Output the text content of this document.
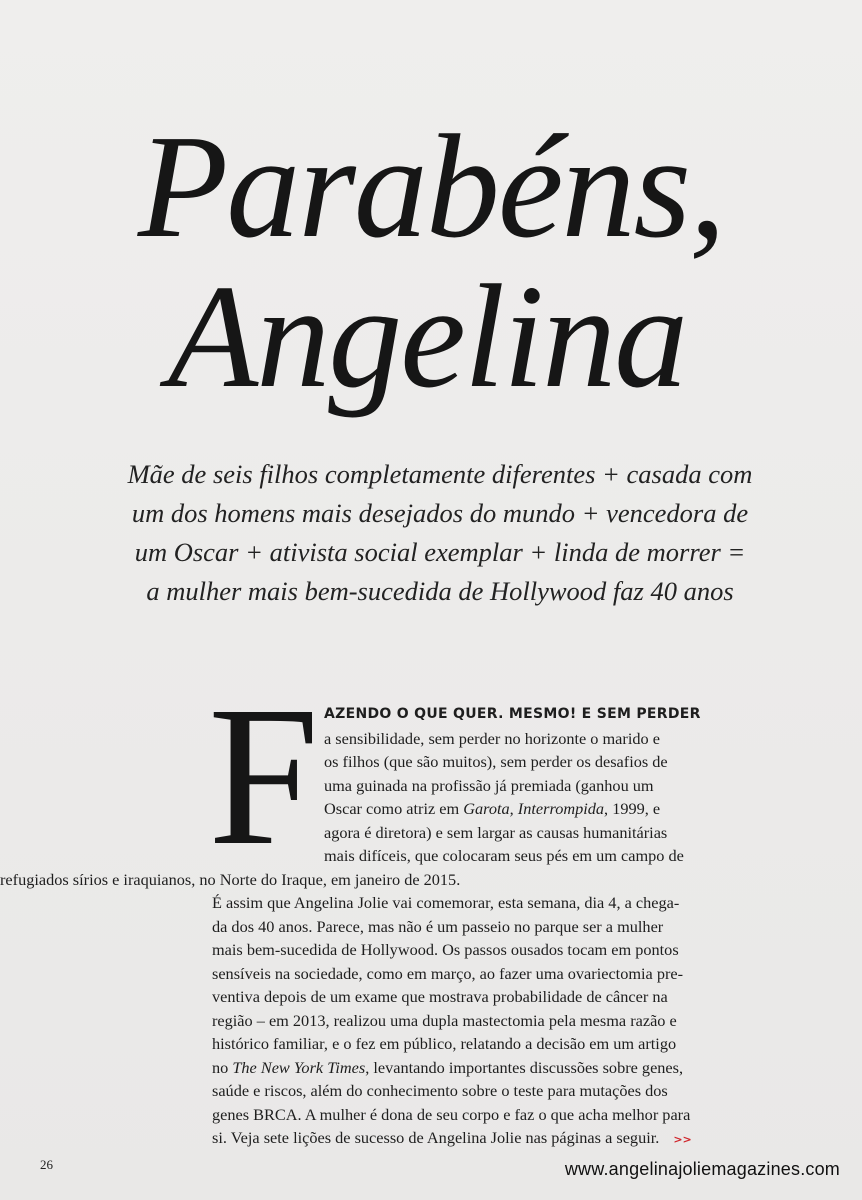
Parabéns,
Angelina
Mãe de seis filhos completamente diferentes + casada com
um dos homens mais desejados do mundo + vencedora de
um Oscar + ativista social exemplar + linda de morrer =
a mulher mais bem-sucedida de Hollywood faz 40 anos
F AZENDO O QUE QUER. MESMO! E SEM PERDER
a sensibilidade, sem perder no horizonte o marido e
os filhos (que são muitos), sem perder os desafios de
uma guinada na profissão já premiada (ganhou um
Oscar como atriz em Garota, Interrompida, 1999, e
agora é diretora) e sem largar as causas humanitárias
mais difíceis, que colocaram seus pés em um campo de
refugiados sírios e iraquianos, no Norte do Iraque, em janeiro de 2015.
É assim que Angelina Jolie vai comemorar, esta semana, dia 4, a chega-
da dos 40 anos. Parece, mas não é um passeio no parque ser a mulher
mais bem-sucedida de Hollywood. Os passos ousados tocam em pontos
sensíveis na sociedade, como em março, ao fazer uma ovariectomia pre-
ventiva depois de um exame que mostrava probabilidade de câncer na
região – em 2013, realizou uma dupla mastectomia pela mesma razão e
histórico familiar, e o fez em público, relatando a decisão em um artigo
no The New York Times, levantando importantes discussões sobre genes,
saúde e riscos, além do conhecimento sobre o teste para mutações dos
genes BRCA. A mulher é dona de seu corpo e faz o que acha melhor para
si. Veja sete lições de sucesso de Angelina Jolie nas páginas a seguir. >>
26	www.angelinajoliemagazines.com
